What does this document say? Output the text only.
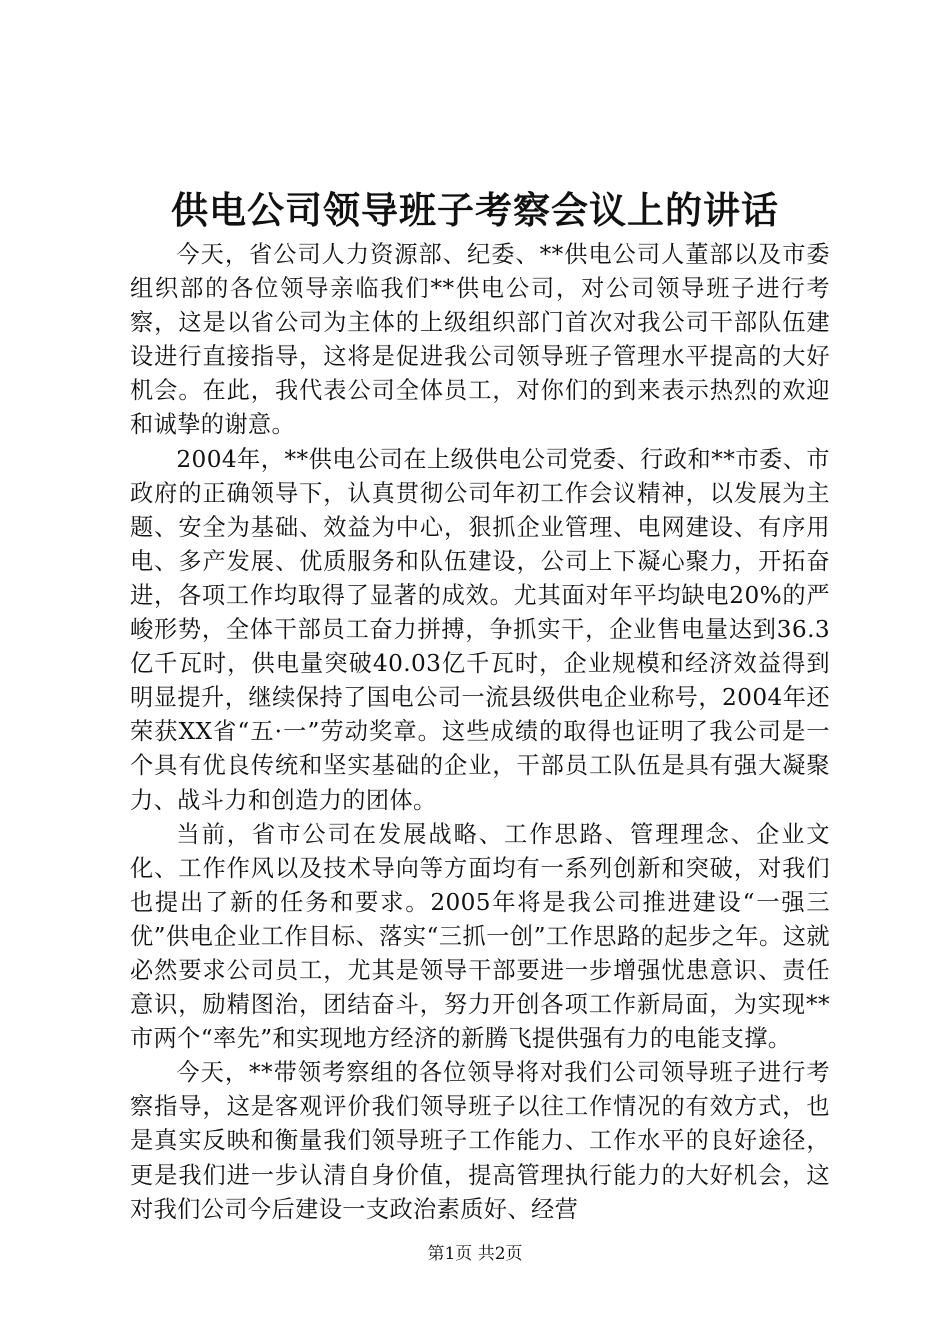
供电公司领导班子考察会议上的讲话

今天，省公司人力资源部、纪委、**供电公司人董部以及市委组织部的各位领导亲临我们**供电公司，对公司领导班子进行考察，这是以省公司为主体的上级组织部门首次对我公司干部队伍建设进行直接指导，这将是促进我公司领导班子管理水平提高的大好机会。在此，我代表公司全体员工，对你们的到来表示热烈的欢迎和诚挚的谢意。

2004年，**供电公司在上级供电公司党委、行政和**市委、市政府的正确领导下，认真贯彻公司年初工作会议精神，以发展为主题、安全为基础、效益为中心，狠抓企业管理、电网建设、有序用电、多产发展、优质服务和队伍建设，公司上下凝心聚力，开拓奋进，各项工作均取得了显著的成效。尤其面对年平均缺电20%的严峻形势，全体干部员工奋力拼搏，争抓实干，企业售电量达到36.3亿千瓦时，供电量突破40.03亿千瓦时，企业规模和经济效益得到明显提升，继续保持了国电公司一流县级供电企业称号，2004年还荣获XX省“五·一”劳动奖章。这些成绩的取得也证明了我公司是一个具有优良传统和坚实基础的企业，干部员工队伍是具有强大凝聚力、战斗力和创造力的团体。

当前，省市公司在发展战略、工作思路、管理理念、企业文化、工作作风以及技术导向等方面均有一系列创新和突破，对我们也提出了新的任务和要求。2005年将是我公司推进建设“一强三优”供电企业工作目标、落实“三抓一创”工作思路的起步之年。这就必然要求公司员工，尤其是领导干部要进一步增强忧患意识、责任意识，励精图治，团结奋斗，努力开创各项工作新局面，为实现**市两个“率先”和实现地方经济的新腾飞提供强有力的电能支撑。

今天，**带领考察组的各位领导将对我们公司领导班子进行考察指导，这是客观评价我们领导班子以往工作情况的有效方式，也是真实反映和衡量我们领导班子工作能力、工作水平的良好途径，更是我们进一步认清自身价值，提高管理执行能力的大好机会，这对我们公司今后建设一支政治素质好、经营

第1页 共2页
